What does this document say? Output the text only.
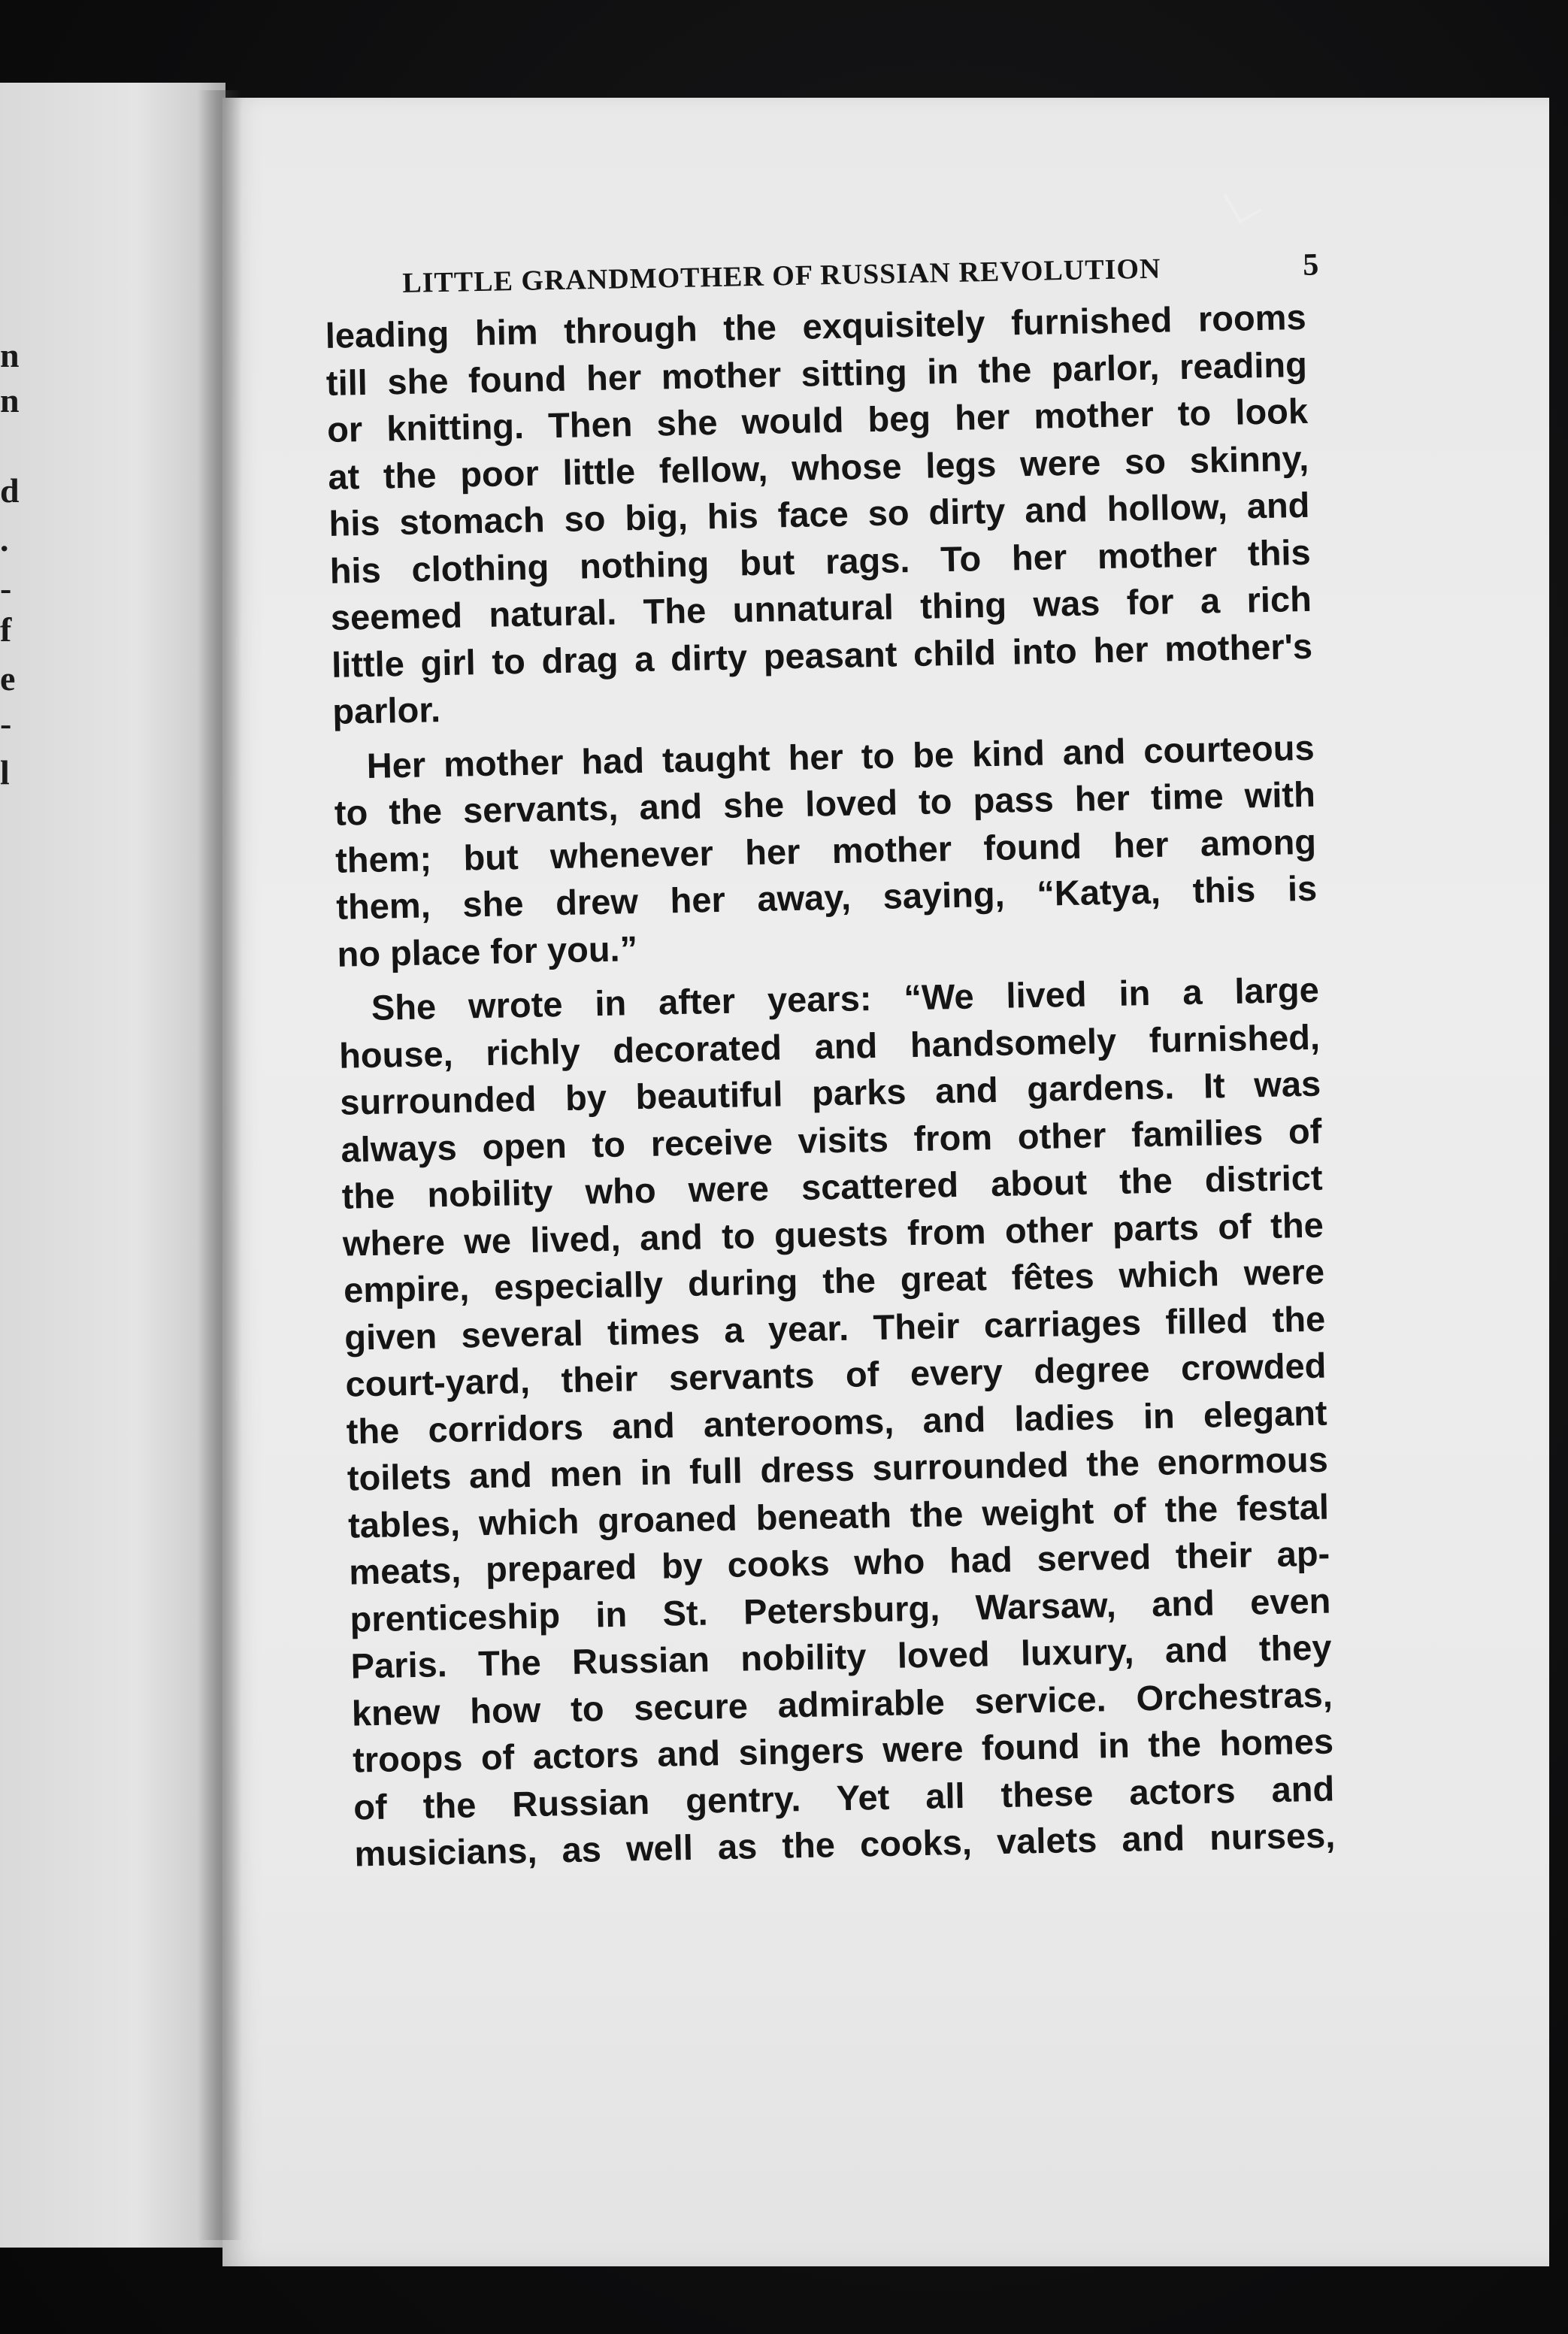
n
n
d
.
-
f
e
-
l
LITTLE GRANDMOTHER OF RUSSIAN REVOLUTION	5

leading him through the exquisitely furnished rooms
till she found her mother sitting in the parlor, reading
or knitting. Then she would beg her mother to look
at the poor little fellow, whose legs were so skinny,
his stomach so big, his face so dirty and hollow, and
his clothing nothing but rags. To her mother this
seemed natural. The unnatural thing was for a rich
little girl to drag a dirty peasant child into her mother's
parlor.

Her mother had taught her to be kind and courteous
to the servants, and she loved to pass her time with
them; but whenever her mother found her among
them, she drew her away, saying, “Katya, this is
no place for you.”

She wrote in after years: “We lived in a large
house, richly decorated and handsomely furnished,
surrounded by beautiful parks and gardens. It was
always open to receive visits from other families of
the nobility who were scattered about the district
where we lived, and to guests from other parts of the
empire, especially during the great fêtes which were
given several times a year. Their carriages filled the
court-yard, their servants of every degree crowded
the corridors and anterooms, and ladies in elegant
toilets and men in full dress surrounded the enormous
tables, which groaned beneath the weight of the festal
meats, prepared by cooks who had served their ap-
prenticeship in St. Petersburg, Warsaw, and even
Paris. The Russian nobility loved luxury, and they
knew how to secure admirable service. Orchestras,
troops of actors and singers were found in the homes
of the Russian gentry. Yet all these actors and
musicians, as well as the cooks, valets and nurses,
